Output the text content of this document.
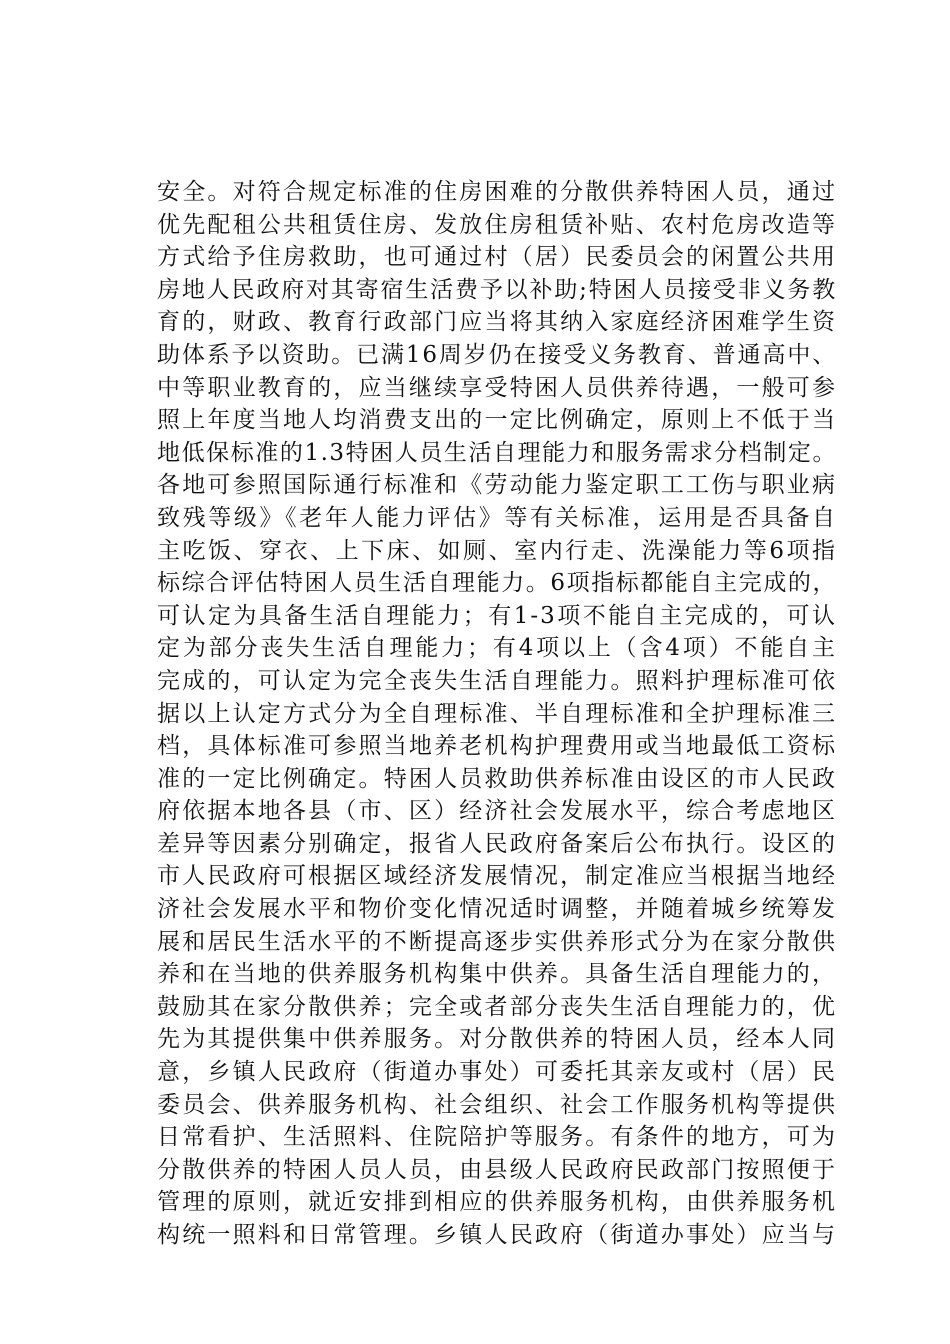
安全。对符合规定标准的住房困难的分散供养特困人员，通过
优先配租公共租赁住房、发放住房租赁补贴、农村危房改造等
方式给予住房救助，也可通过村（居）民委员会的闲置公共用
房地人民政府对其寄宿生活费予以补助;特困人员接受非义务教
育的，财政、教育行政部门应当将其纳入家庭经济困难学生资
助体系予以资助。已满16周岁仍在接受义务教育、普通高中、
中等职业教育的，应当继续享受特困人员供养待遇，一般可参
照上年度当地人均消费支出的一定比例确定，原则上不低于当
地低保标准的1.3特困人员生活自理能力和服务需求分档制定。
各地可参照国际通行标准和《劳动能力鉴定职工工伤与职业病
致残等级》《老年人能力评估》等有关标准，运用是否具备自
主吃饭、穿衣、上下床、如厕、室内行走、洗澡能力等6项指
标综合评估特困人员生活自理能力。6项指标都能自主完成的，
可认定为具备生活自理能力；有1-3项不能自主完成的，可认
定为部分丧失生活自理能力；有4项以上（含4项）不能自主
完成的，可认定为完全丧失生活自理能力。照料护理标准可依
据以上认定方式分为全自理标准、半自理标准和全护理标准三
档，具体标准可参照当地养老机构护理费用或当地最低工资标
准的一定比例确定。特困人员救助供养标准由设区的市人民政
府依据本地各县（市、区）经济社会发展水平，综合考虑地区
差异等因素分别确定，报省人民政府备案后公布执行。设区的
市人民政府可根据区域经济发展情况，制定准应当根据当地经
济社会发展水平和物价变化情况适时调整，并随着城乡统筹发
展和居民生活水平的不断提高逐步实供养形式分为在家分散供
养和在当地的供养服务机构集中供养。具备生活自理能力的，
鼓励其在家分散供养；完全或者部分丧失生活自理能力的，优
先为其提供集中供养服务。对分散供养的特困人员，经本人同
意，乡镇人民政府（街道办事处）可委托其亲友或村（居）民
委员会、供养服务机构、社会组织、社会工作服务机构等提供
日常看护、生活照料、住院陪护等服务。有条件的地方，可为
分散供养的特困人员人员，由县级人民政府民政部门按照便于
管理的原则，就近安排到相应的供养服务机构，由供养服务机
构统一照料和日常管理。乡镇人民政府（街道办事处）应当与
